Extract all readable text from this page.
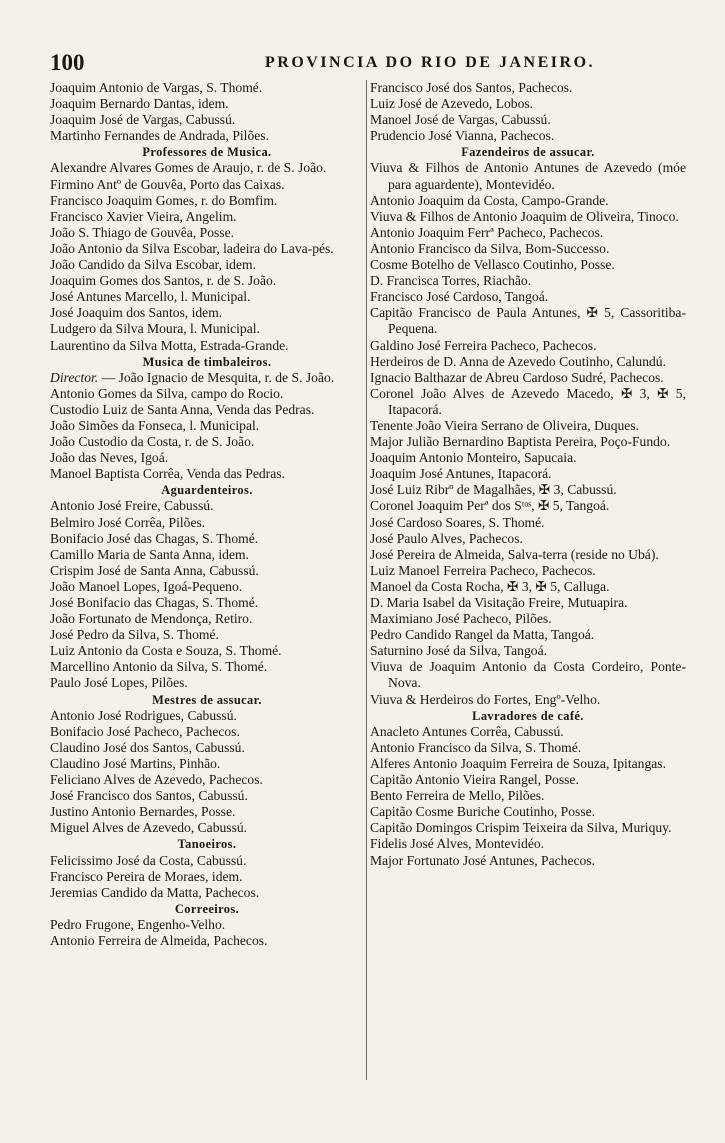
100	PROVINCIA DO RIO DE JANEIRO.
Joaquim Antonio de Vargas, S. Thomé.
Joaquim Bernardo Dantas, idem.
Joaquim José de Vargas, Cabussú.
Martinho Fernandes de Andrada, Pilões.
Professores de Musica.
Alexandre Alvares Gomes de Araujo, r. de S. João.
Firmino Antº de Gouvêa, Porto das Caixas.
Francisco Joaquim Gomes, r. do Bomfim.
Francisco Xavier Vieira, Angelim.
João S. Thiago de Gouvêa, Posse.
João Antonio da Silva Escobar, ladeira do Lava-pés.
João Candido da Silva Escobar, idem.
Joaquim Gomes dos Santos, r. de S. João.
José Antunes Marcello, l. Municipal.
José Joaquim dos Santos, idem.
Ludgero da Silva Moura, l. Municipal.
Laurentino da Silva Motta, Estrada-Grande.
Musica de timbaleiros.
Director. — João Ignacio de Mesquita, r. de S. João.
Antonio Gomes da Silva, campo do Rocio.
Custodio Luiz de Santa Anna, Venda das Pedras.
João Simões da Fonseca, l. Municipal.
João Custodio da Costa, r. de S. João.
João das Neves, Igoá.
Manoel Baptista Corrêa, Venda das Pedras.
Aguardenteiros.
Antonio José Freire, Cabussú.
Belmiro José Corrêa, Pilões.
Bonifacio José das Chagas, S. Thomé.
Camillo Maria de Santa Anna, idem.
Crispim José de Santa Anna, Cabussú.
João Manoel Lopes, Igoá-Pequeno.
José Bonifacio das Chagas, S. Thomé.
João Fortunato de Mendonça, Retiro.
José Pedro da Silva, S. Thomé.
Luiz Antonio da Costa e Souza, S. Thomé.
Marcellino Antonio da Silva, S. Thomé.
Paulo José Lopes, Pilões.
Mestres de assucar.
Antonio José Rodrigues, Cabussú.
Bonifacio José Pacheco, Pachecos.
Claudino José dos Santos, Cabussú.
Claudino José Martins, Pinhão.
Feliciano Alves de Azevedo, Pachecos.
José Francisco dos Santos, Cabussú.
Justino Antonio Bernardes, Posse.
Miguel Alves de Azevedo, Cabussú.
Tanoeiros.
Felicissimo José da Costa, Cabussú.
Francisco Pereira de Moraes, idem.
Jeremias Candido da Matta, Pachecos.
Correeiros.
Pedro Frugone, Engenho-Velho.
Antonio Ferreira de Almeida, Pachecos.
Francisco José dos Santos, Pachecos.
Luiz José de Azevedo, Lobos.
Manoel José de Vargas, Cabussú.
Prudencio José Vianna, Pachecos.
Fazendeiros de assucar.
Viuva & Filhos de Antonio Antunes de Azevedo (móe para aguardente), Montevidéo.
Antonio Joaquim da Costa, Campo-Grande.
Viuva & Filhos de Antonio Joaquim de Oliveira, Tinoco.
Antonio Joaquim Ferrª Pacheco, Pachecos.
Antonio Francisco da Silva, Bom-Successo.
Cosme Botelho de Vellasco Coutinho, Posse.
D. Francisca Torres, Riachão.
Francisco José Cardoso, Tangoá.
Capitão Francisco de Paula Antunes, ✠ 5, Cassoritiba-Pequena.
Galdino José Ferreira Pacheco, Pachecos.
Herdeiros de D. Anna de Azevedo Coutinho, Calundú.
Ignacio Balthazar de Abreu Cardoso Sudré, Pachecos.
Coronel João Alves de Azevedo Macedo, ✠ 3, ✠ 5, Itapacorá.
Tenente João Vieira Serrano de Oliveira, Duques.
Major Julião Bernardino Baptista Pereira, Poço-Fundo.
Joaquim Antonio Monteiro, Sapucaia.
Joaquim José Antunes, Itapacorá.
José Luiz Ribrº de Magalhães, ✠ 3, Cabussú.
Coronel Joaquim Perª dos Sᵗᵒˢ, ✠ 5, Tangoá.
José Cardoso Soares, S. Thomé.
José Paulo Alves, Pachecos.
José Pereira de Almeida, Salva-terra (reside no Ubá).
Luiz Manoel Ferreira Pacheco, Pachecos.
Manoel da Costa Rocha, ✠ 3, ✠ 5, Calluga.
D. Maria Isabel da Visitação Freire, Mutuapira.
Maximiano José Pacheco, Pilões.
Pedro Candido Rangel da Matta, Tangoá.
Saturnino José da Silva, Tangoá.
Viuva de Joaquim Antonio da Costa Cordeiro, Ponte-Nova.
Viuva & Herdeiros do Fortes, Engº-Velho.
Lavradores de café.
Anacleto Antunes Corrêa, Cabussú.
Antonio Francisco da Silva, S. Thomé.
Alferes Antonio Joaquim Ferreira de Souza, Ipitangas.
Capitão Antonio Vieira Rangel, Posse.
Bento Ferreira de Mello, Pilões.
Capitão Cosme Buriche Coutinho, Posse.
Capitão Domingos Crispim Teixeira da Silva, Muriquy.
Fidelis José Alves, Montevidéo.
Major Fortunato José Antunes, Pachecos.
